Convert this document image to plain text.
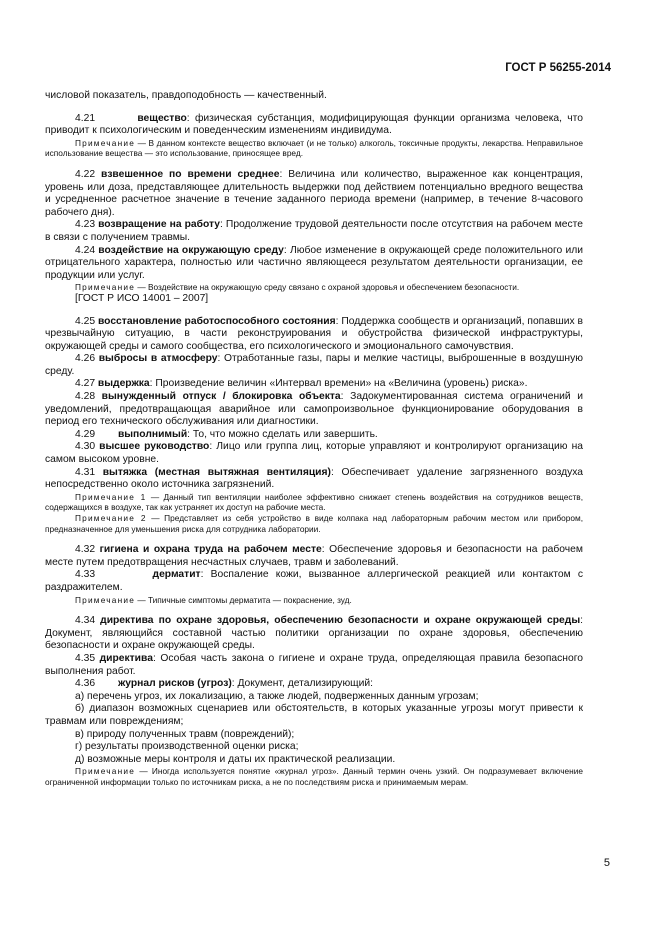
ГОСТ Р 56255-2014

числовой показатель, правдоподобность — качественный.

4.21	вещество: физическая субстанция, модифицирующая функции организма человека, что приводит к психологическим и поведенческим изменениям индивидума.

Примечание — В данном контексте вещество включает (и не только) алкоголь, токсичные продукты, лекарства. Неправильное использование вещества — это использование, приносящее вред.

4.22 взвешенное по времени среднее: Величина или количество, выраженное как концентрация, уровень или доза, представляющее длительность выдержки под действием потенциально вредного вещества и усредненное расчетное значение в течение заданного периода времени (например, в течение 8-часового рабочего дня).

4.23 возвращение на работу: Продолжение трудовой деятельности после отсутствия на рабочем месте в связи с получением травмы.

4.24 воздействие на окружающую среду: Любое изменение в окружающей среде положительного или отрицательного характера, полностью или частично являющееся результатом деятельности организации, ее продукции или услуг.

Примечание — Воздействие на окружающую среду связано с охраной здоровья и обеспечением безопасности.

[ГОСТ Р ИСО 14001 – 2007]

4.25 восстановление работоспособного состояния: Поддержка сообществ и организаций, попавших в чрезвычайную ситуацию, в части реконструирования и обустройства физической инфраструктуры, окружающей среды и самого сообщества, его психологического и эмоционального самочувствия.

4.26 выбросы в атмосферу: Отработанные газы, пары и мелкие частицы, выброшенные в воздушную среду.

4.27 выдержка: Произведение величин «Интервал времени» на «Величина (уровень) риска».

4.28 вынужденный отпуск / блокировка объекта: Задокументированная система ограничений и уведомлений, предотвращающая аварийное или самопроизвольное функционирование оборудования в период его технического обслуживания или диагностики.

4.29 выполнимый: То, что можно сделать или завершить.

4.30 высшее руководство: Лицо или группа лиц, которые управляют и контролируют организацию на самом высоком уровне.

4.31 вытяжка (местная вытяжная вентиляция): Обеспечивает удаление загрязненного воздуха непосредственно около источника загрязнений.

Примечание 1 — Данный тип вентиляции наиболее эффективно снижает степень воздействия на сотрудников веществ, содержащихся в воздухе, так как устраняет их доступ на рабочие места.

Примечание 2 — Представляет из себя устройство в виде колпака над лабораторным рабочим местом или прибором, предназначенное для уменьшения риска для сотрудника лаборатории.

4.32 гигиена и охрана труда на рабочем месте: Обеспечение здоровья и безопасности на рабочем месте путем предотвращения несчастных случаев, травм и заболеваний.

4.33	дерматит: Воспаление кожи, вызванное аллергической реакцией или контактом с раздражителем.

Примечание — Типичные симптомы дерматита — покраснение, зуд.

4.34 директива по охране здоровья, обеспечению безопасности и охране окружающей среды: Документ, являющийся составной частью политики организации по охране здоровья, обеспечению безопасности и охране окружающей среды.

4.35 директива: Особая часть закона о гигиене и охране труда, определяющая правила безопасного выполнения работ.

4.36 журнал рисков (угроз): Документ, детализирующий:

а) перечень угроз, их локализацию, а также людей, подверженных данным угрозам;

б) диапазон возможных сценариев или обстоятельств, в которых указанные угрозы могут привести к травмам или повреждениям;

в) природу полученных травм (повреждений);

г) результаты производственной оценки риска;

д) возможные меры контроля и даты их практической реализации.

Примечание — Иногда используется понятие «журнал угроз». Данный термин очень узкий. Он подразумевает включение ограниченной информации только по источникам риска, а не по последствиям риска и принимаемым мерам.

5
